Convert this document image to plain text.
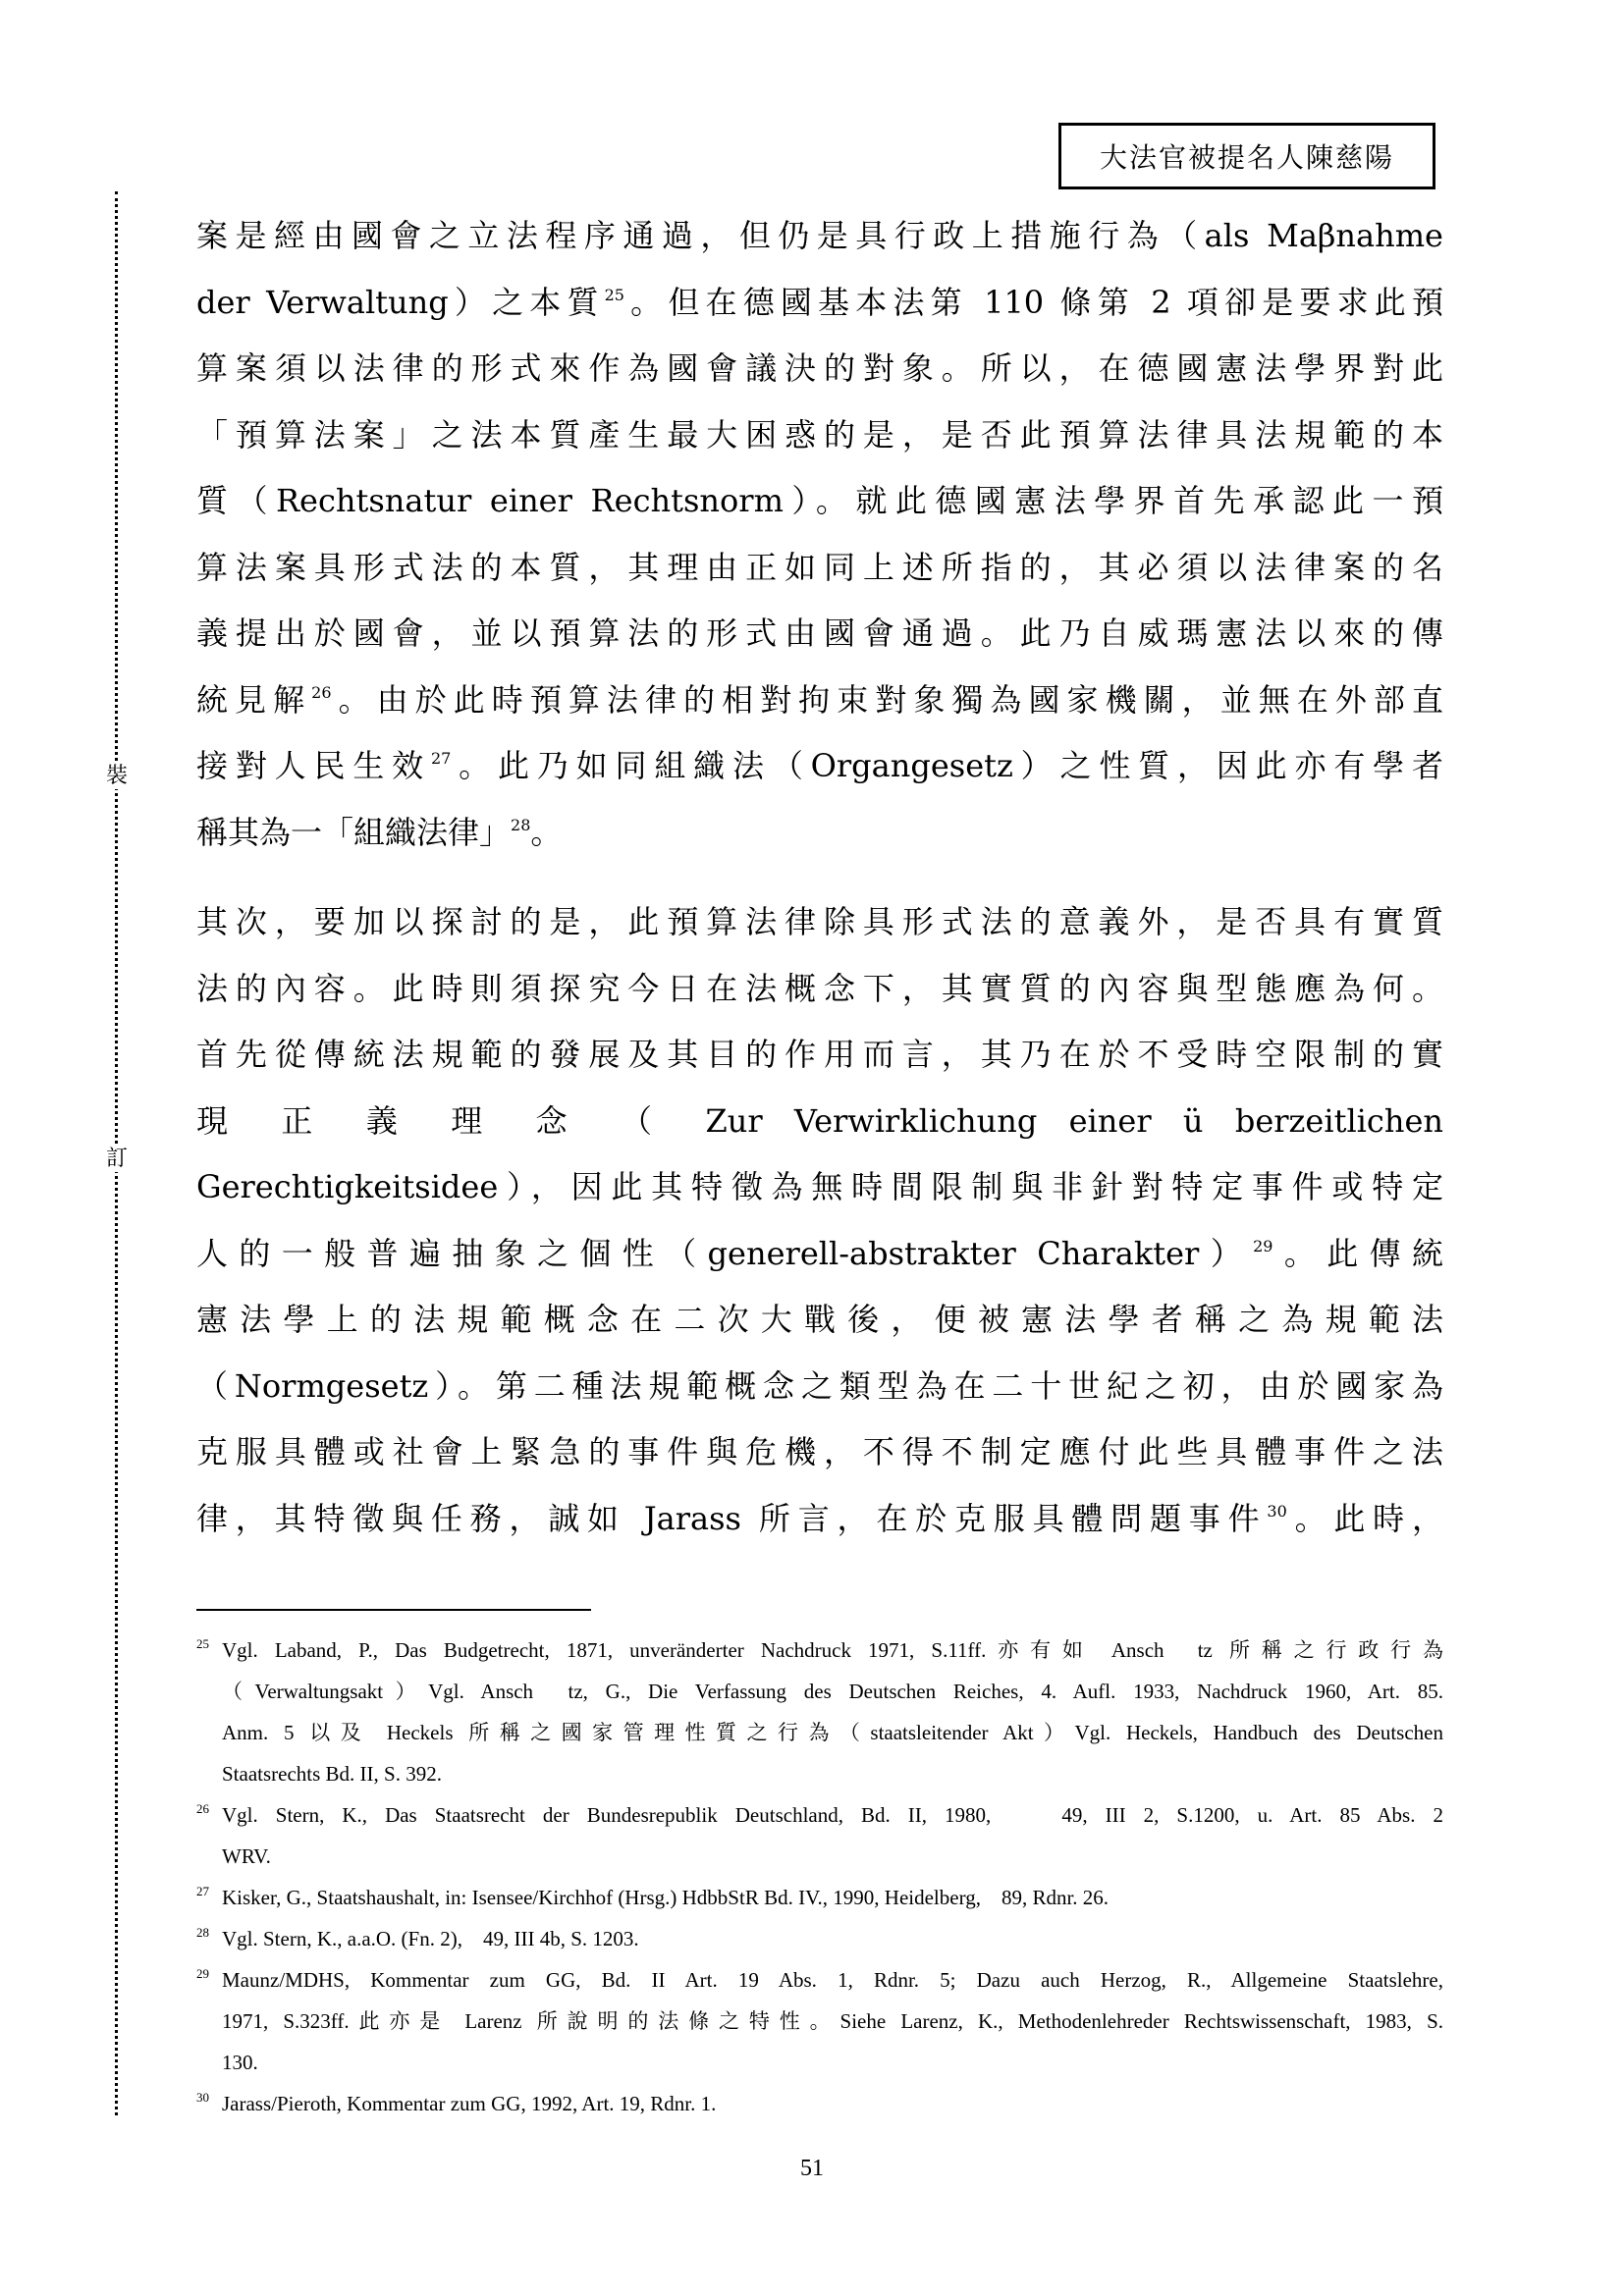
裝
訂
大法官被提名人陳慈陽
案是經由國會之立法程序通過，但仍是具行政上措施行為（als Maβnahme
der Verwaltung）之本質$^{25}$。但在德國基本法第 110 條第 2 項卻是要求此預
算案須以法律的形式來作為國會議決的對象。所以，在德國憲法學界對此
「預算法案」之法本質產生最大困惑的是，是否此預算法律具法規範的本
質（Rechtsnatur einer Rechtsnorm）。就此德國憲法學界首先承認此一預
算法案具形式法的本質，其理由正如同上述所指的，其必須以法律案的名
義提出於國會，並以預算法的形式由國會通過。此乃自威瑪憲法以來的傳
統見解$^{26}$。由於此時預算法律的相對拘束對象獨為國家機關，並無在外部直
接對人民生效$^{27}$。此乃如同組織法（Organgesetz）之性質，因此亦有學者
稱其為一「組織法律」$^{28}$。
其次，要加以探討的是，此預算法律除具形式法的意義外，是否具有實質
法的內容。此時則須探究今日在法概念下，其實質的內容與型態應為何。
首先從傳統法規範的發展及其目的作用而言，其乃在於不受時空限制的實
現 正 義 理 念 （ Zur Verwirklichung einer ü berzeitlichen
Gerechtigkeitsidee），因此其特徵為無時間限制與非針對特定事件或特定
人的一般普遍抽象之個性（generell-abstrakter Charakter）$^{29}$。此傳統
憲法學上的法規範概念在二次大戰後，便被憲法學者稱之為規範法
（Normgesetz）。第二種法規範概念之類型為在二十世紀之初，由於國家為
克服具體或社會上緊急的事件與危機，不得不制定應付此些具體事件之法
律，其特徵與任務，誠如 Jarass 所言，在於克服具體問題事件$^{30}$。此時，
25 Vgl. Laband, P., Das Budgetrecht, 1871, unveränderter Nachdruck 1971, S.11ff.亦有如 Ansch  tz 所稱之行政行為
（Verwaltungsakt）Vgl. Ansch  tz, G., Die Verfassung des Deutschen Reiches, 4. Aufl. 1933, Nachdruck 1960, Art. 85.
Anm. 5 以及 Heckels 所稱之國家管理性質之行為（staatsleitender Akt）Vgl. Heckels, Handbuch des Deutschen
Staatsrechts Bd. II, S. 392.
26 Vgl. Stern, K., Das Staatsrecht der Bundesrepublik Deutschland, Bd. II, 1980,    49, III 2, S.1200, u. Art. 85 Abs. 2
WRV.
27 Kisker, G., Staatshaushalt, in: Isensee/Kirchhof (Hrsg.) HdbbStR Bd. IV., 1990, Heidelberg,    89, Rdnr. 26.
28 Vgl. Stern, K., a.a.O. (Fn. 2),    49, III 4b, S. 1203.
29 Maunz/MDHS, Kommentar zum GG, Bd. II Art. 19 Abs. 1, Rdnr. 5; Dazu auch Herzog, R., Allgemeine Staatslehre,
1971, S.323ff.此亦是 Larenz 所說明的法條之特性。Siehe Larenz, K., Methodenlehreder Rechtswissenschaft, 1983, S.
130.
30 Jarass/Pieroth, Kommentar zum GG, 1992, Art. 19, Rdnr. 1.
51
